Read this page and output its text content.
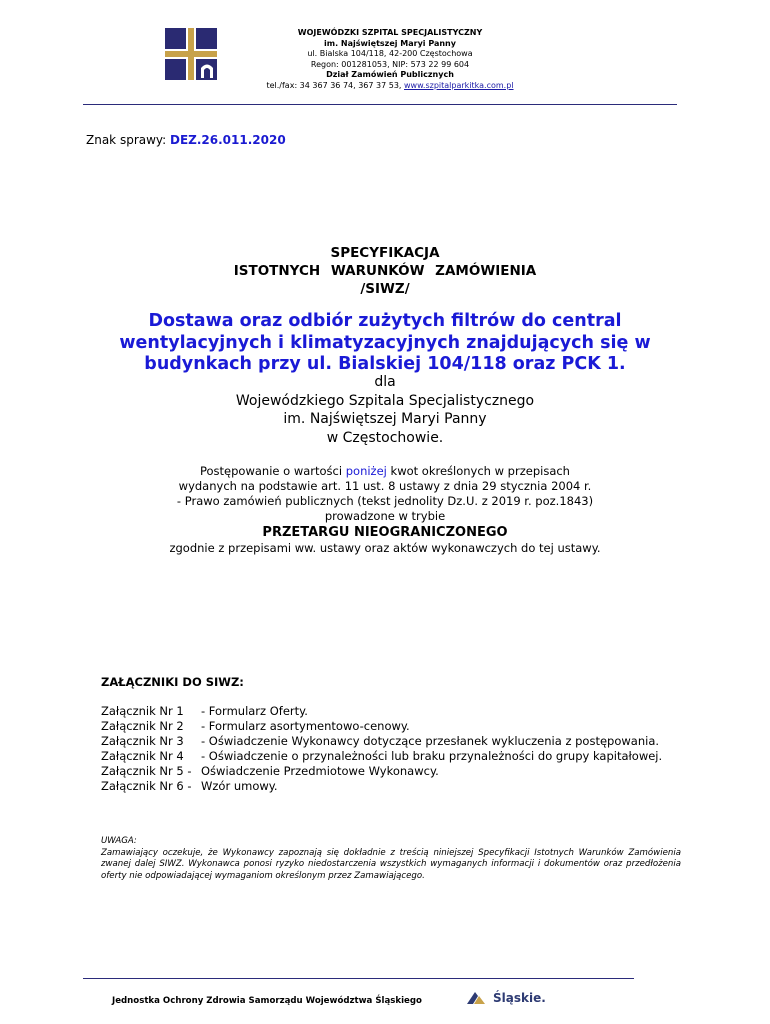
WOJEWÓDZKI SZPITAL SPECJALISTYCZNY
im. Najświętszej Maryi Panny
ul. Bialska 104/118, 42-200 Częstochowa
Regon: 001281053, NIP: 573 22 99 604
Dział Zamówień Publicznych
tel./fax: 34 367 36 74, 367 37 53, www.szpitalparkitka.com.pl
Znak sprawy: DEZ.26.011.2020
SPECYFIKACJA
ISTOTNYCH WARUNKÓW ZAMÓWIENIA
/SIWZ/
Dostawa oraz odbiór zużytych filtrów do central wentylacyjnych i klimatyzacyjnych znajdujących się w budynkach przy ul. Bialskiej 104/118 oraz PCK 1.
dla
Wojewódzkiego Szpitala Specjalistycznego
im. Najświętszej Maryi Panny
w Częstochowie.
Postępowanie o wartości poniżej kwot określonych w przepisach
wydanych na podstawie art. 11 ust. 8 ustawy z dnia 29 stycznia 2004 r.
- Prawo zamówień publicznych (tekst jednolity Dz.U. z 2019 r. poz.1843)
prowadzone w trybie
PRZETARGU NIEOGRANICZONEGO
zgodnie z przepisami ww. ustawy oraz aktów wykonawczych do tej ustawy.
ZAŁĄCZNIKI DO SIWZ:
Załącznik Nr 1	- Formularz Oferty.
Załącznik Nr 2	- Formularz asortymentowo-cenowy.
Załącznik Nr 3	- Oświadczenie Wykonawcy dotyczące przesłanek wykluczenia z postępowania.
Załącznik Nr 4	- Oświadczenie o przynależności lub braku przynależności do grupy kapitałowej.
Załącznik Nr 5 - Oświadczenie Przedmiotowe Wykonawcy.
Załącznik Nr 6 - Wzór umowy.
UWAGA:
Zamawiający oczekuje, że Wykonawcy zapoznają się dokładnie z treścią niniejszej Specyfikacji Istotnych Warunków Zamówienia zwanej dalej SIWZ. Wykonawca ponosi ryzyko niedostarczenia wszystkich wymaganych informacji i dokumentów oraz przedłożenia oferty nie odpowiadającej wymaganiom określonym przez Zamawiającego.
Jednostka Ochrony Zdrowia Samorządu Województwa Śląskiego	Śląskie.
